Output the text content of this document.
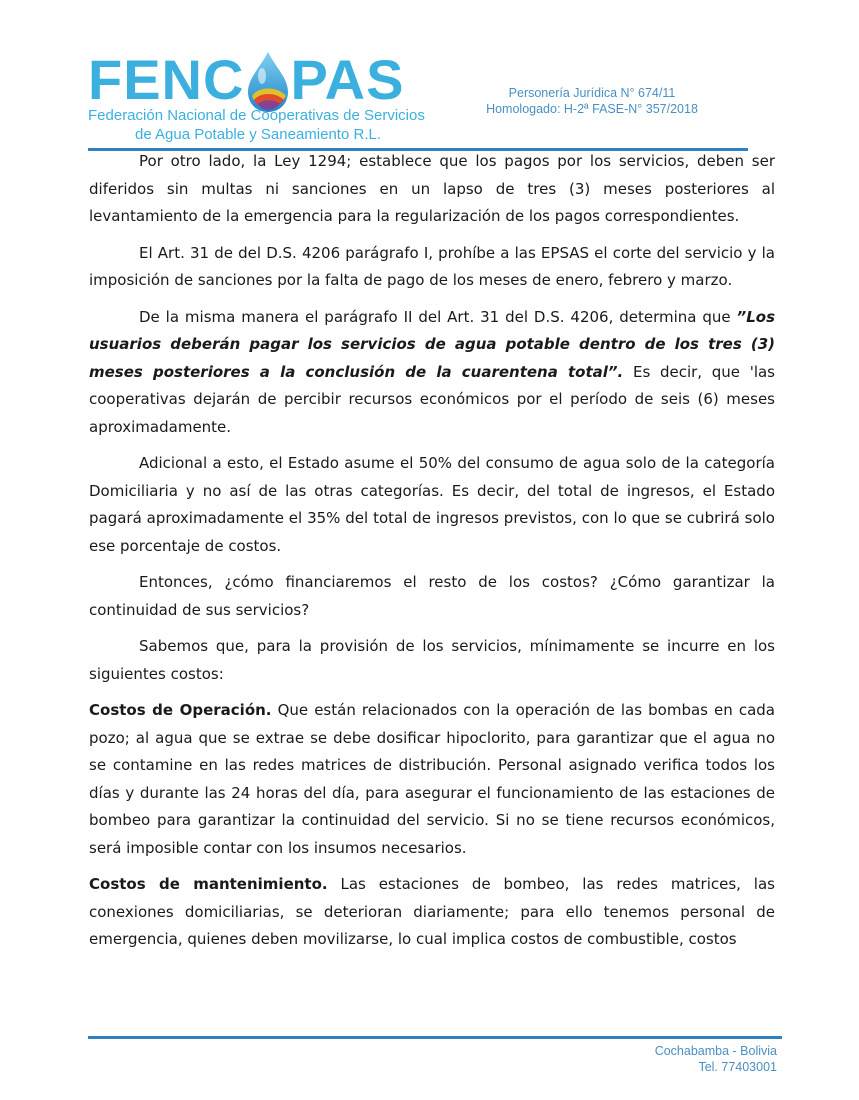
FENC PAS
Federación Nacional de Cooperativas de Servicios
de Agua Potable y Saneamiento R.L.
Personería Jurídica N° 674/11
Homologado: H-2ª FASE-N° 357/2018

Por otro lado, la Ley 1294; establece que los pagos por los servicios, deben ser diferidos sin multas ni sanciones en un lapso de tres (3) meses posteriores al levantamiento de la emergencia para la regularización de los pagos correspondientes.

El Art. 31 de del D.S. 4206 parágrafo I, prohíbe a las EPSAS el corte del servicio y la imposición de sanciones por la falta de pago de los meses de enero, febrero y marzo.

De la misma manera el parágrafo II del Art. 31 del D.S. 4206, determina que ”Los usuarios deberán pagar los servicios de agua potable dentro de los tres (3) meses posteriores a la conclusión de la cuarentena total”. Es decir, que 'las cooperativas dejarán de percibir recursos económicos por el período de seis (6) meses aproximadamente.

Adicional a esto, el Estado asume el 50% del consumo de agua solo de la categoría Domiciliaria y no así de las otras categorías. Es decir, del total de ingresos, el Estado pagará aproximadamente el 35% del total de ingresos previstos, con lo que se cubrirá solo ese porcentaje de costos.

Entonces, ¿cómo financiaremos el resto de los costos? ¿Cómo garantizar la continuidad de sus servicios?

Sabemos que, para la provisión de los servicios, mínimamente se incurre en los siguientes costos:

Costos de Operación. Que están relacionados con la operación de las bombas en cada pozo; al agua que se extrae se debe dosificar hipoclorito, para garantizar que el agua no se contamine en las redes matrices de distribución. Personal asignado verifica todos los días y durante las 24 horas del día, para asegurar el funcionamiento de las estaciones de bombeo para garantizar la continuidad del servicio. Si no se tiene recursos económicos, será imposible contar con los insumos necesarios.

Costos de mantenimiento. Las estaciones de bombeo, las redes matrices, las conexiones domiciliarias, se deterioran diariamente; para ello tenemos personal de emergencia, quienes deben movilizarse, lo cual implica costos de combustible, costos

Cochabamba - Bolivia
Tel. 77403001
